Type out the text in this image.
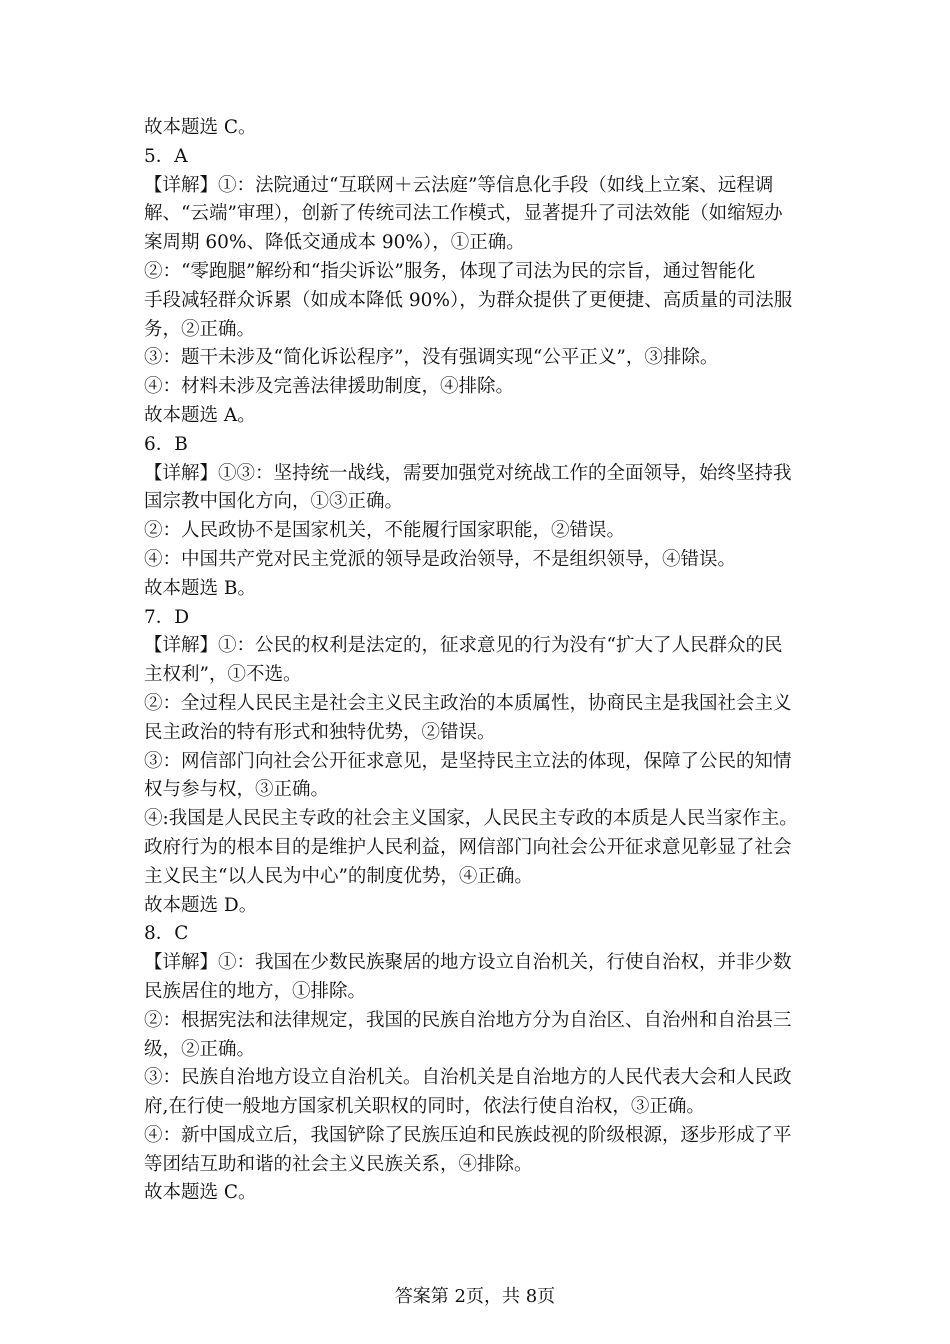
故本题选 C。
5．A
【详解】①：法院通过“互联网＋云法庭”等信息化手段（如线上立案、远程调
解、“云端”审理），创新了传统司法工作模式，显著提升了司法效能（如缩短办
案周期 60%、降低交通成本 90%），①正确。
②：“零跑腿”解纷和“指尖诉讼”服务，体现了司法为民的宗旨，通过智能化
手段减轻群众诉累（如成本降低 90%），为群众提供了更便捷、高质量的司法服
务，②正确。
③：题干未涉及“简化诉讼程序”，没有强调实现“公平正义”，③排除。
④：材料未涉及完善法律援助制度，④排除。
故本题选 A。
6．B
【详解】①③：坚持统一战线，需要加强党对统战工作的全面领导，始终坚持我
国宗教中国化方向，①③正确。
②：人民政协不是国家机关，不能履行国家职能，②错误。
④：中国共产党对民主党派的领导是政治领导，不是组织领导，④错误。
故本题选 B。
7．D
【详解】①：公民的权利是法定的，征求意见的行为没有“扩大了人民群众的民
主权利”，①不选。
②：全过程人民民主是社会主义民主政治的本质属性，协商民主是我国社会主义
民主政治的特有形式和独特优势，②错误。
③：网信部门向社会公开征求意见，是坚持民主立法的体现，保障了公民的知情
权与参与权，③正确。
④:我国是人民民主专政的社会主义国家，人民民主专政的本质是人民当家作主。
政府行为的根本目的是维护人民利益，网信部门向社会公开征求意见彰显了社会
主义民主“以人民为中心”的制度优势，④正确。
故本题选 D。
8．C
【详解】①：我国在少数民族聚居的地方设立自治机关，行使自治权，并非少数
民族居住的地方，①排除。
②：根据宪法和法律规定，我国的民族自治地方分为自治区、自治州和自治县三
级，②正确。
③：民族自治地方设立自治机关。自治机关是自治地方的人民代表大会和人民政
府,在行使一般地方国家机关职权的同时，依法行使自治权，③正确。
④：新中国成立后，我国铲除了民族压迫和民族歧视的阶级根源，逐步形成了平
等团结互助和谐的社会主义民族关系，④排除。
故本题选 C。
答案第 2页，共 8页
